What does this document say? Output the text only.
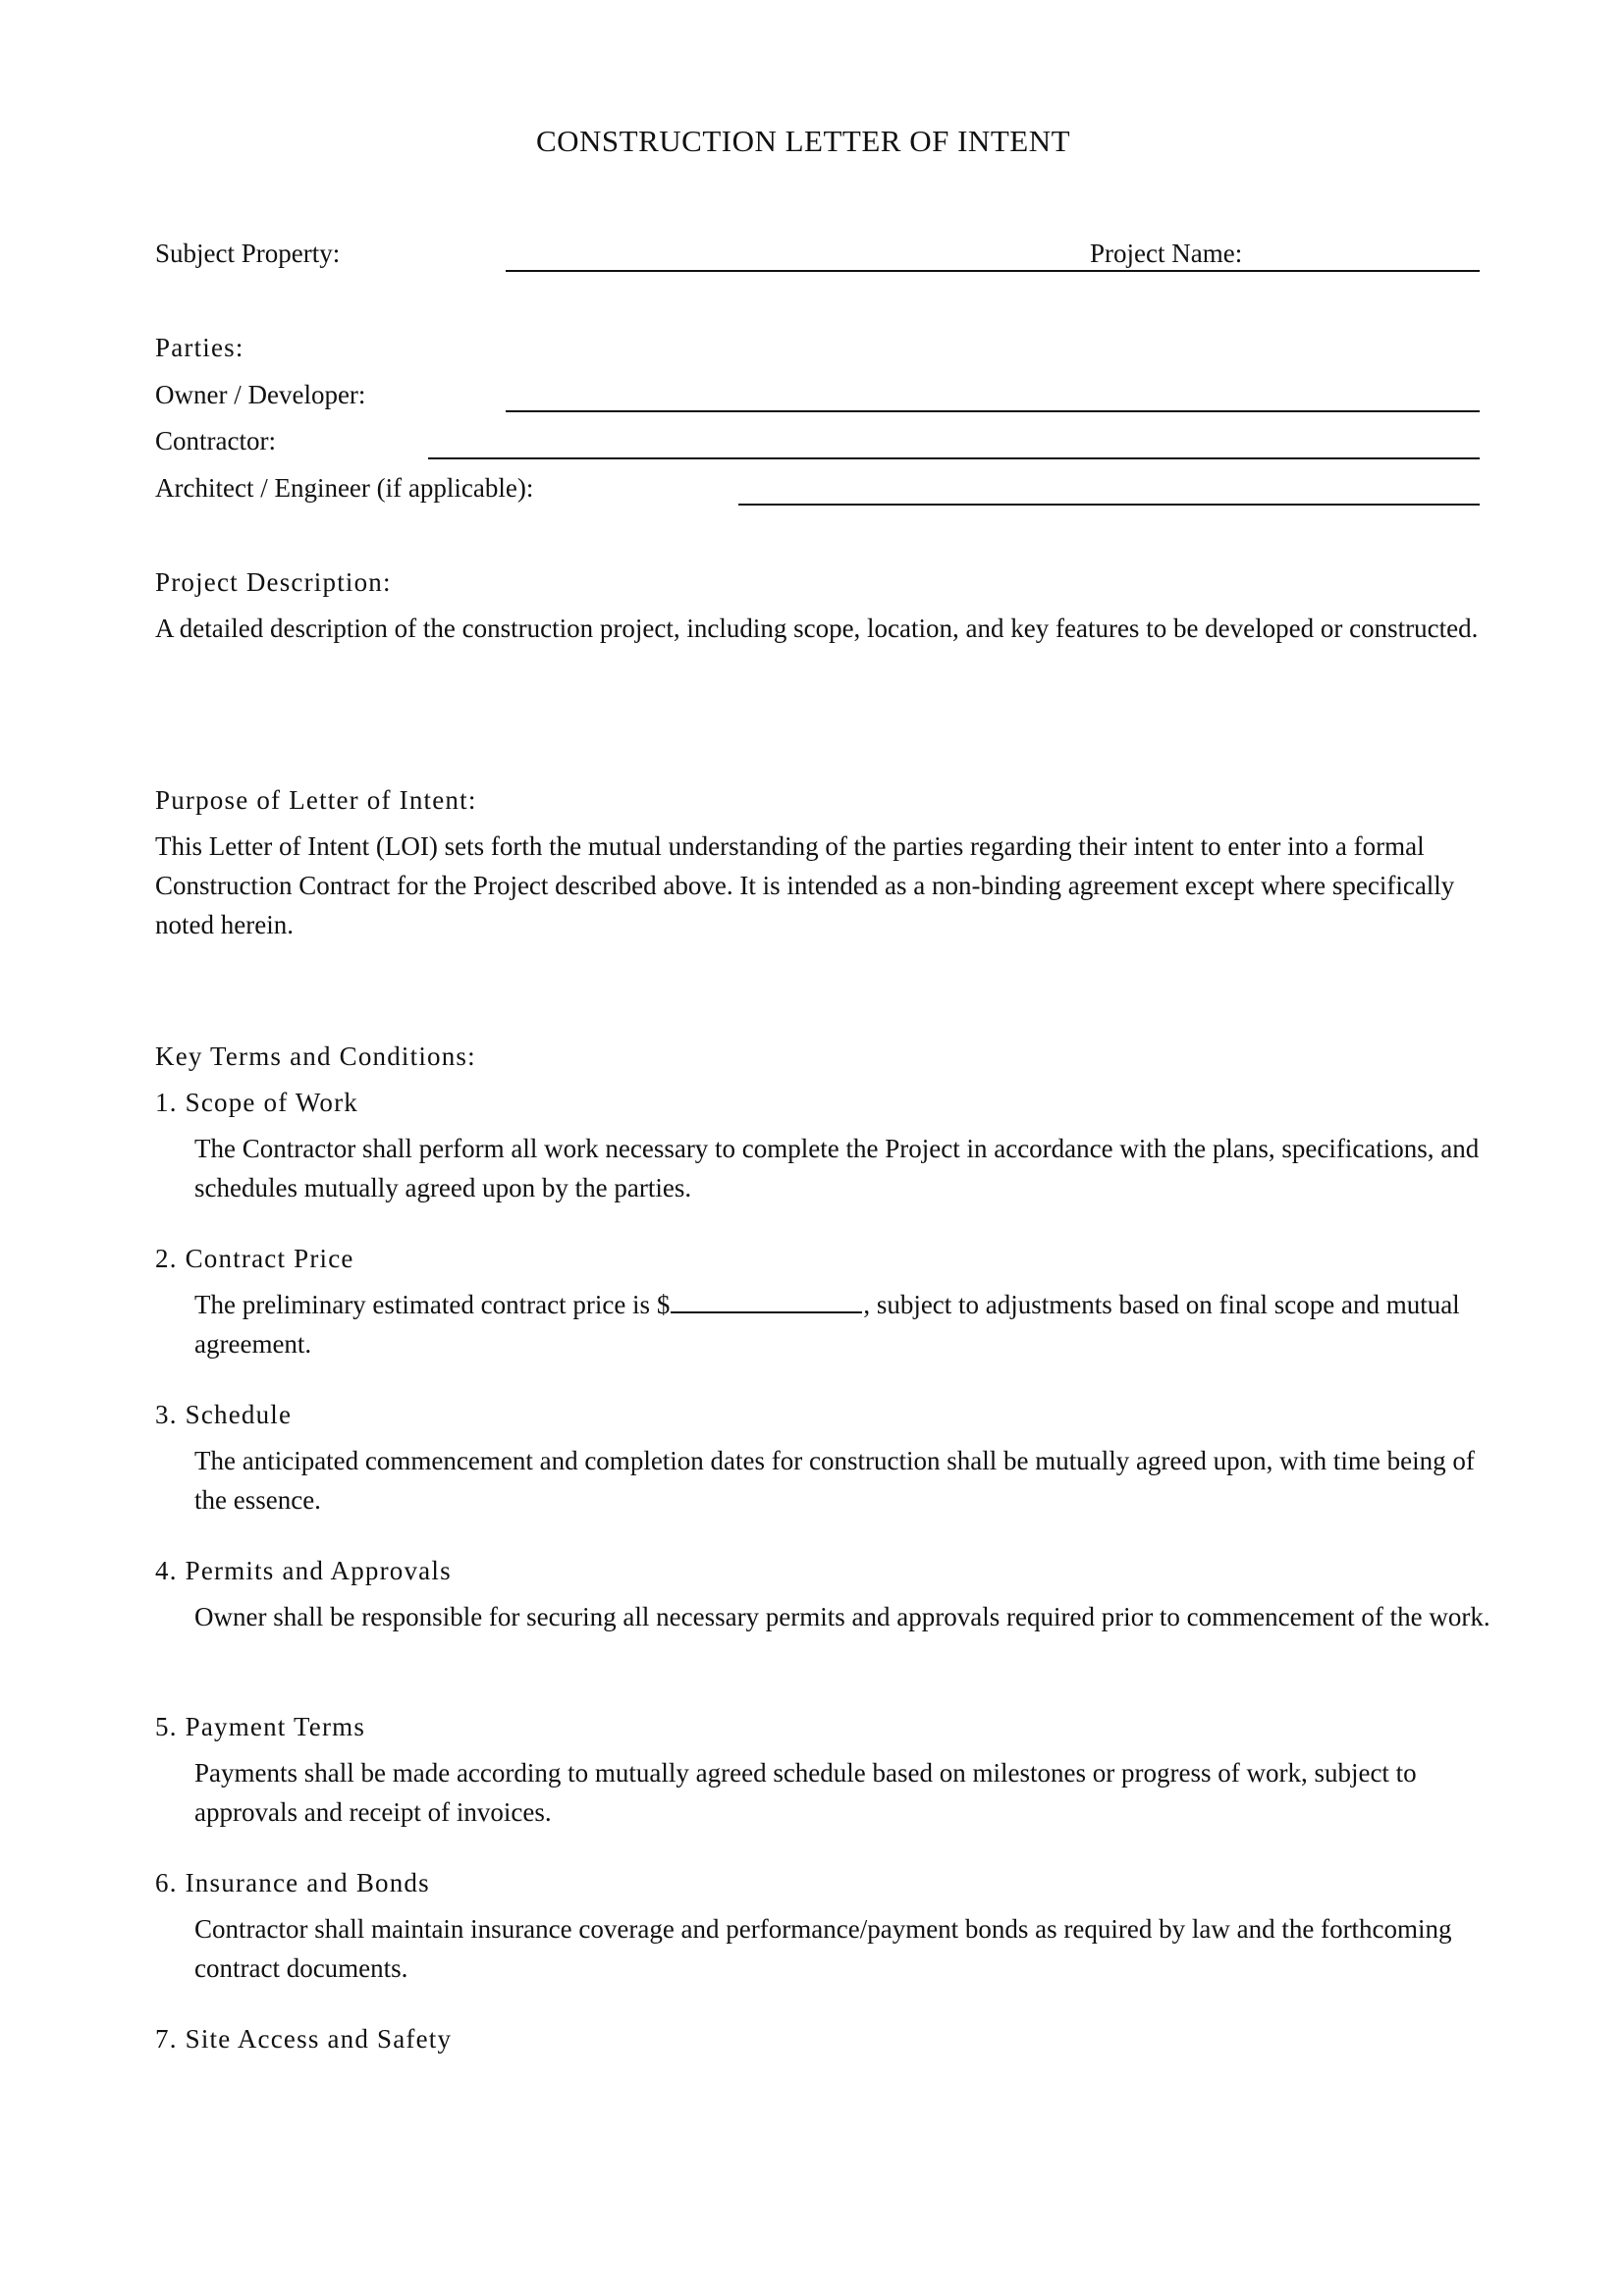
CONSTRUCTION LETTER OF INTENT
Subject Property:	Project Name:
Parties:
Owner / Developer:
Contractor:
Architect / Engineer (if applicable):
Project Description:
A detailed description of the construction project, including scope, location, and key features to be developed or constructed.
Purpose of Letter of Intent:
This Letter of Intent (LOI) sets forth the mutual understanding of the parties regarding their intent to enter into a formal Construction Contract for the Project described above. It is intended as a non-binding agreement except where specifically noted herein.
Key Terms and Conditions:
1. Scope of Work
The Contractor shall perform all work necessary to complete the Project in accordance with the plans, specifications, and schedules mutually agreed upon by the parties.
2. Contract Price
The preliminary estimated contract price is $	, subject to adjustments based on final scope and mutual agreement.
3. Schedule
The anticipated commencement and completion dates for construction shall be mutually agreed upon, with time being of the essence.
4. Permits and Approvals
Owner shall be responsible for securing all necessary permits and approvals required prior to commencement of the work.
5. Payment Terms
Payments shall be made according to mutually agreed schedule based on milestones or progress of work, subject to approvals and receipt of invoices.
6. Insurance and Bonds
Contractor shall maintain insurance coverage and performance/payment bonds as required by law and the forthcoming contract documents.
7. Site Access and Safety
